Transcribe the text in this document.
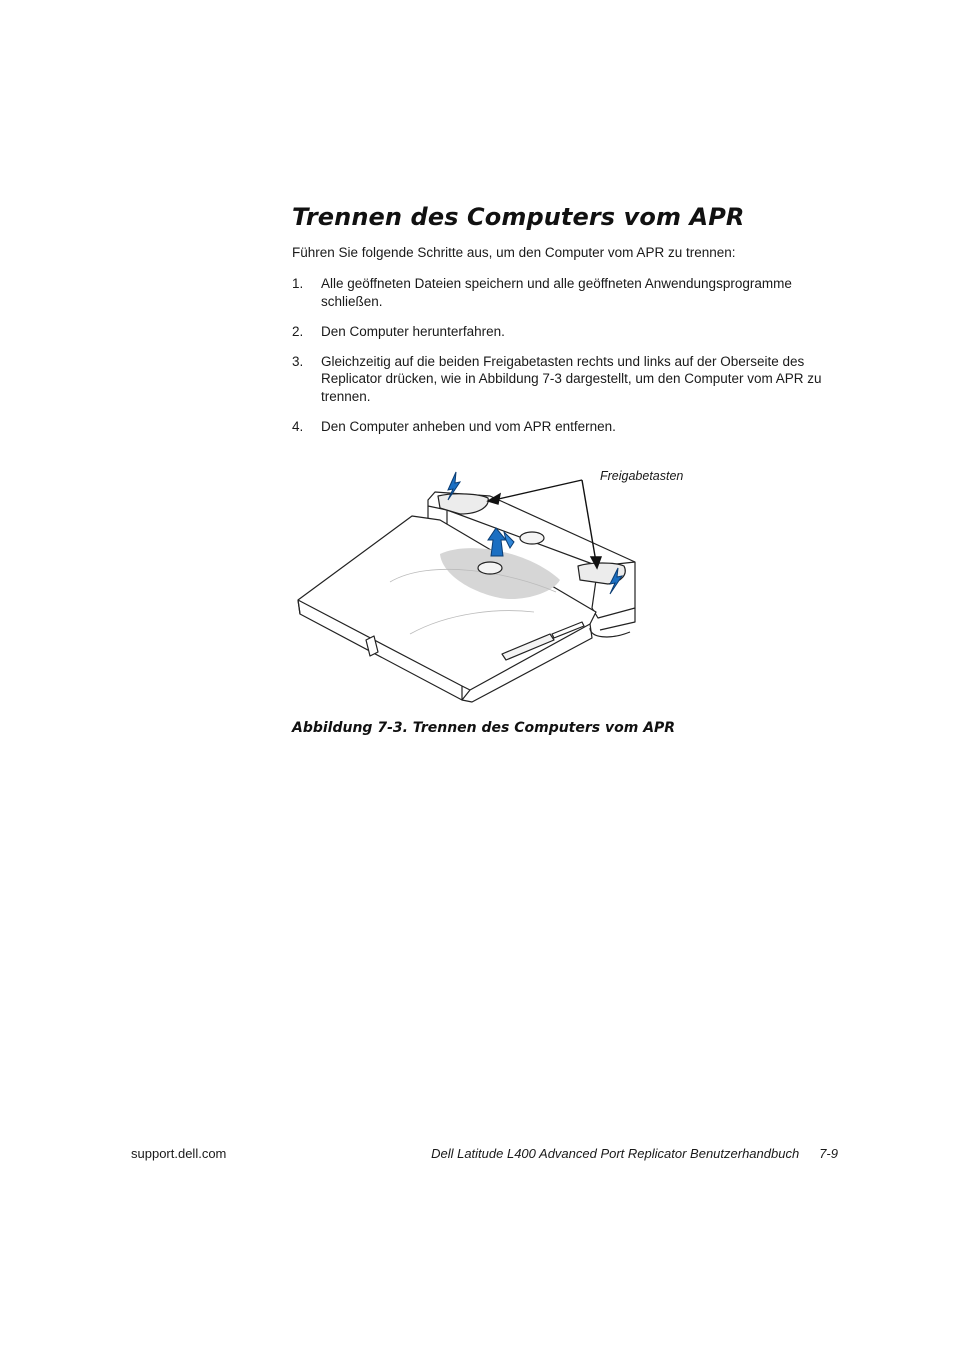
Trennen des Computers vom APR

Führen Sie folgende Schritte aus, um den Computer vom APR zu trennen:

1. Alle geöffneten Dateien speichern und alle geöffneten Anwendungsprogramme schließen.
2. Den Computer herunterfahren.
3. Gleichzeitig auf die beiden Freigabetasten rechts und links auf der Oberseite des Replicator drücken, wie in Abbildung 7-3 dargestellt, um den Computer vom APR zu trennen.
4. Den Computer anheben und vom APR entfernen.
Freigabetasten

Abbildung 7-3. Trennen des Computers vom APR

support.dell.com	Dell Latitude L400 Advanced Port Replicator Benutzerhandbuch 7-9
